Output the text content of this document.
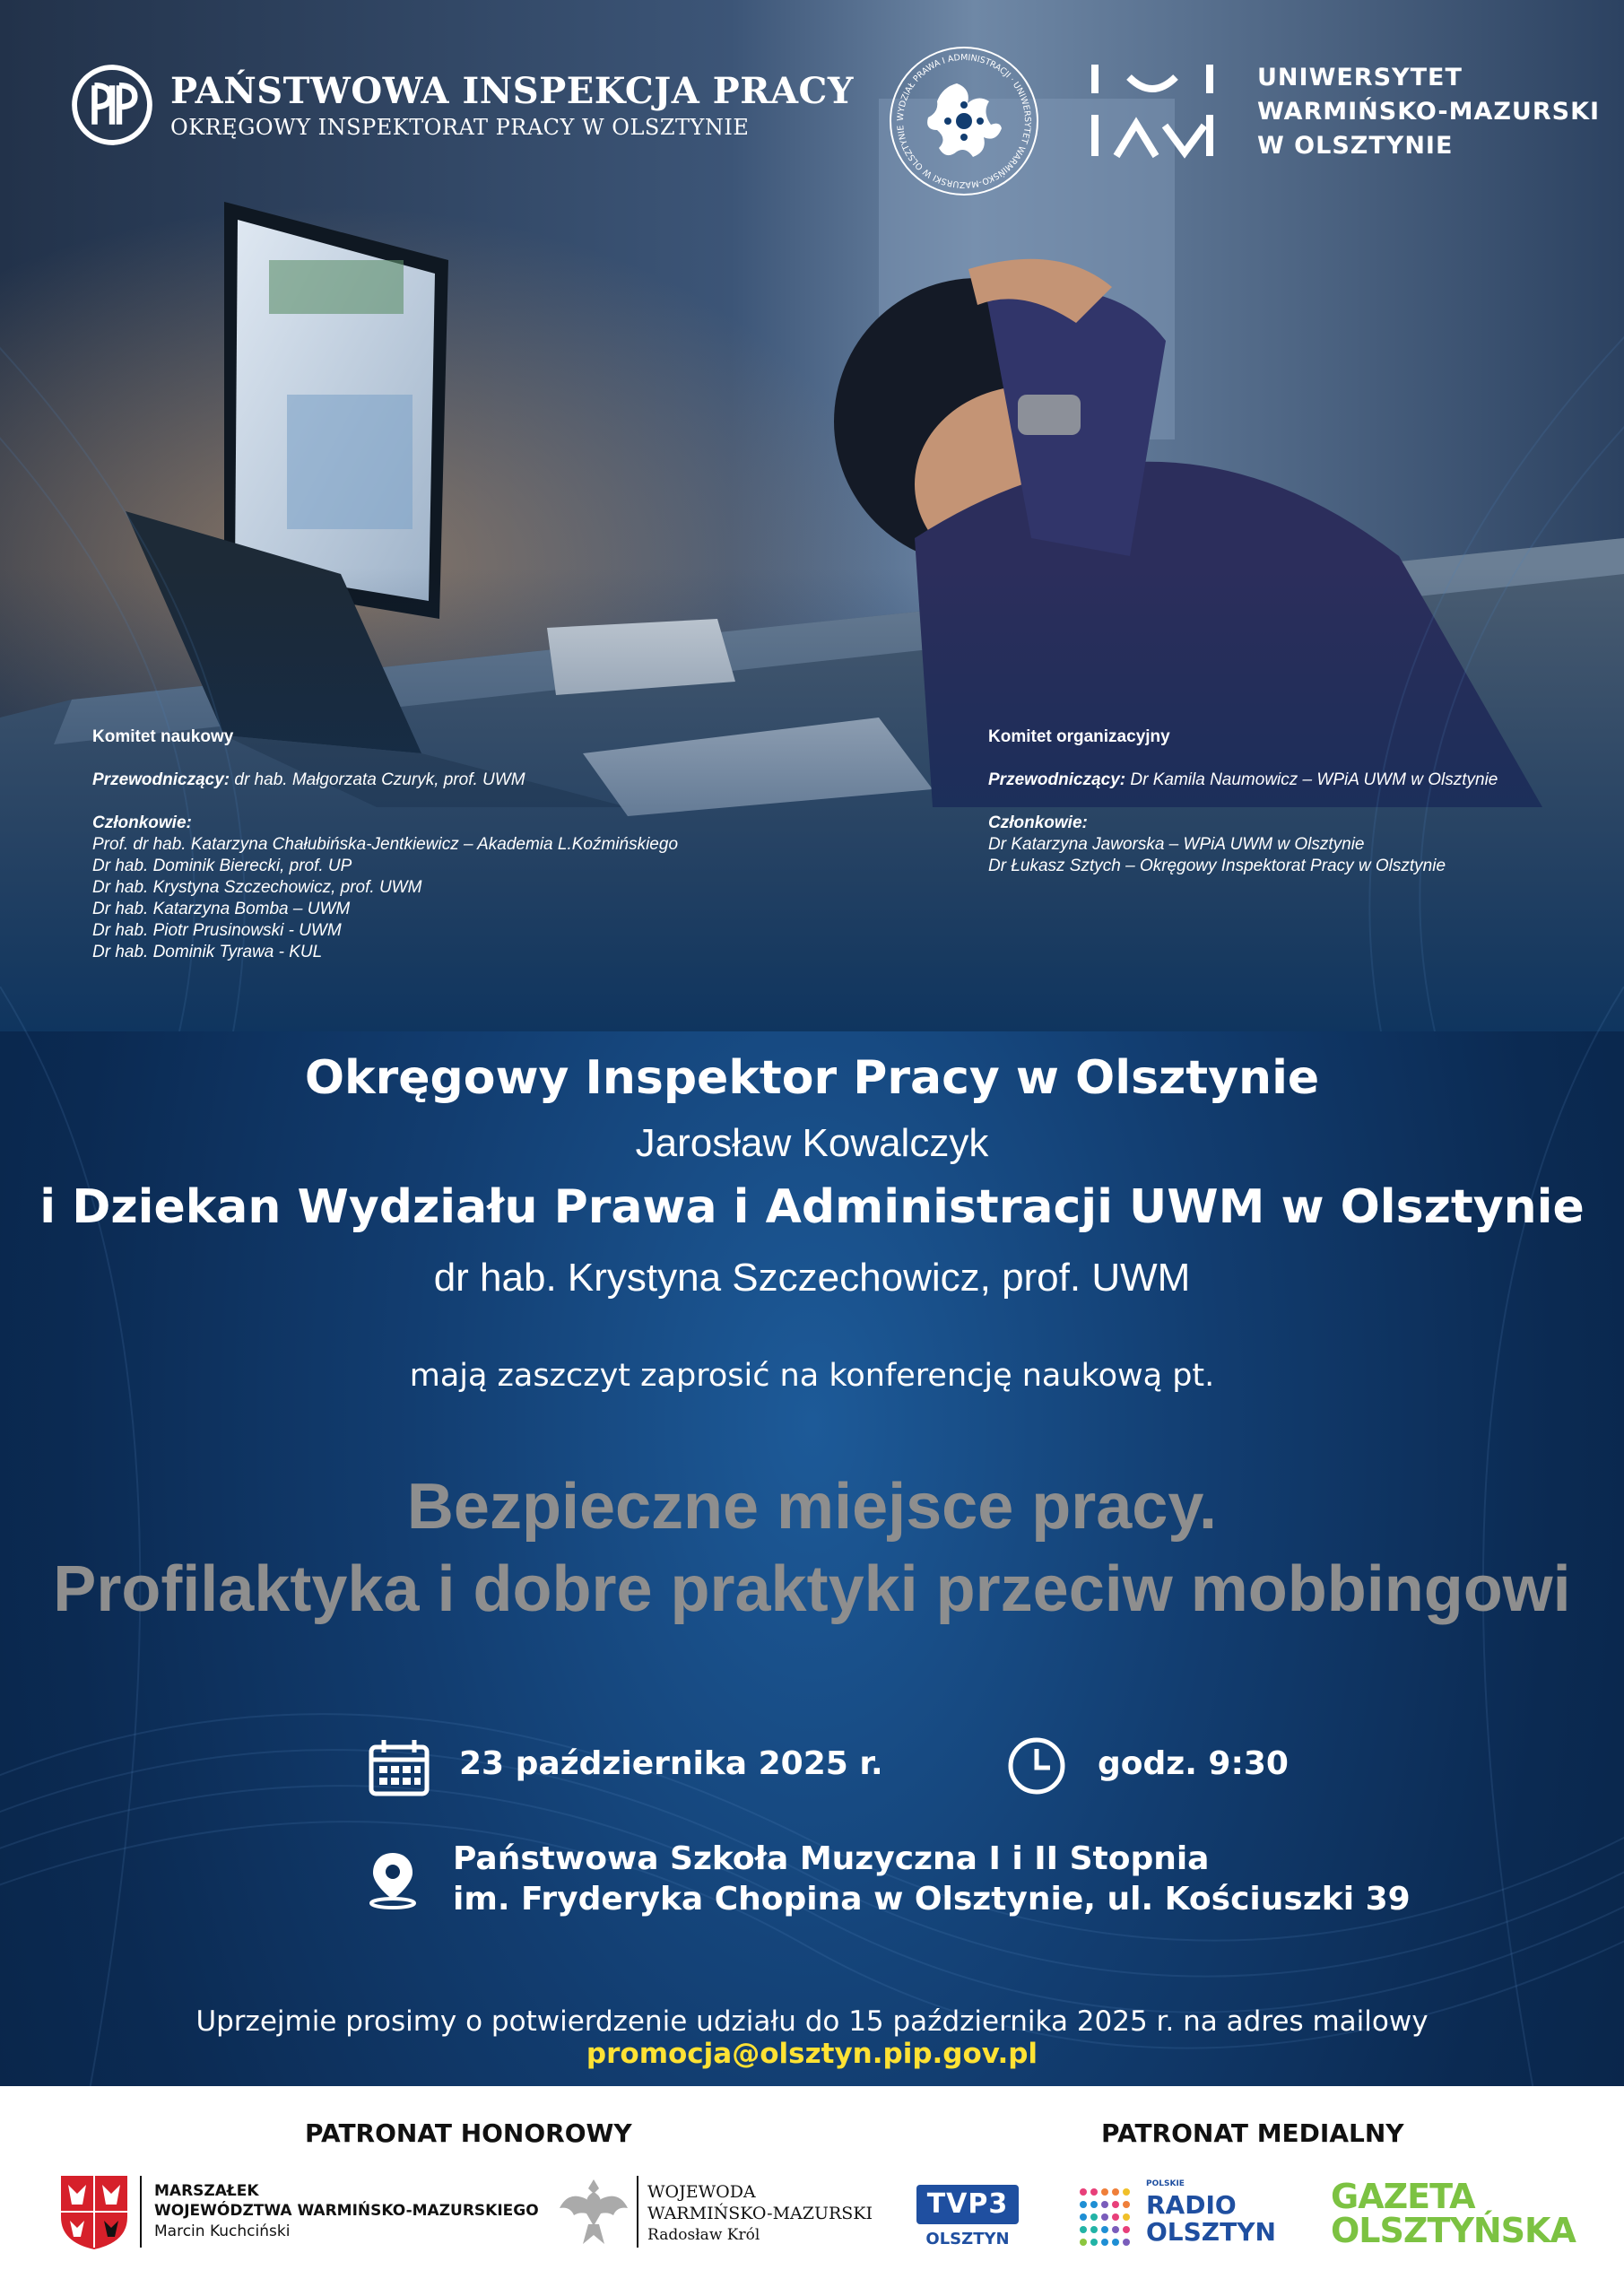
PAŃSTWOWA INSPEKCJA PRACY
OKRĘGOWY INSPEKTORAT PRACY W OLSZTYNIE	WYDZIAŁ PRAWA I ADMINISTRACJI · UNIWERSYTET WARMIŃSKO-MAZURSKI W OLSZTYNIE
UNIWERSYTET
WARMIŃSKO-MAZURSKI
W OLSZTYNIE
Komitet naukowy
Przewodniczący: dr hab. Małgorzata Czuryk, prof. UWM
Członkowie:
Prof. dr hab. Katarzyna Chałubińska-Jentkiewicz – Akademia L.Koźmińskiego
Dr hab. Dominik Bierecki, prof. UP
Dr hab. Krystyna Szczechowicz, prof. UWM
Dr hab. Katarzyna Bomba – UWM
Dr hab. Piotr Prusinowski - UWM
Dr hab. Dominik Tyrawa - KUL
Komitet organizacyjny
Przewodniczący: Dr Kamila Naumowicz – WPiA UWM w Olsztynie
Członkowie:
Dr Katarzyna Jaworska – WPiA UWM w Olsztynie
Dr Łukasz Sztych – Okręgowy Inspektorat Pracy w Olsztynie
Okręgowy Inspektor Pracy w Olsztynie
Jarosław Kowalczyk
i Dziekan Wydziału Prawa i Administracji UWM w Olsztynie
dr hab. Krystyna Szczechowicz, prof. UWM
mają zaszczyt zaprosić na konferencję naukową pt.
Bezpieczne miejsce pracy.
Profilaktyka i dobre praktyki przeciw mobbingowi
23 października 2025 r.	godz. 9:30
Państwowa Szkoła Muzyczna I i II Stopnia
im. Fryderyka Chopina w Olsztynie, ul. Kościuszki 39
Uprzejmie prosimy o potwierdzenie udziału do 15 października 2025 r. na adres mailowy promocja@olsztyn.pip.gov.pl
PATRONAT HONOROWY	PATRONAT MEDIALNY
MARSZAŁEK
WOJEWÓDZTWA WARMIŃSKO-MAZURSKIEGO
Marcin Kuchciński
WOJEWODA
WARMIŃSKO-MAZURSKI
Radosław Król
TVP3
OLSZTYN
POLSKIE
RADIO
OLSZTYN
GAZETA
OLSZTYŃSKA
